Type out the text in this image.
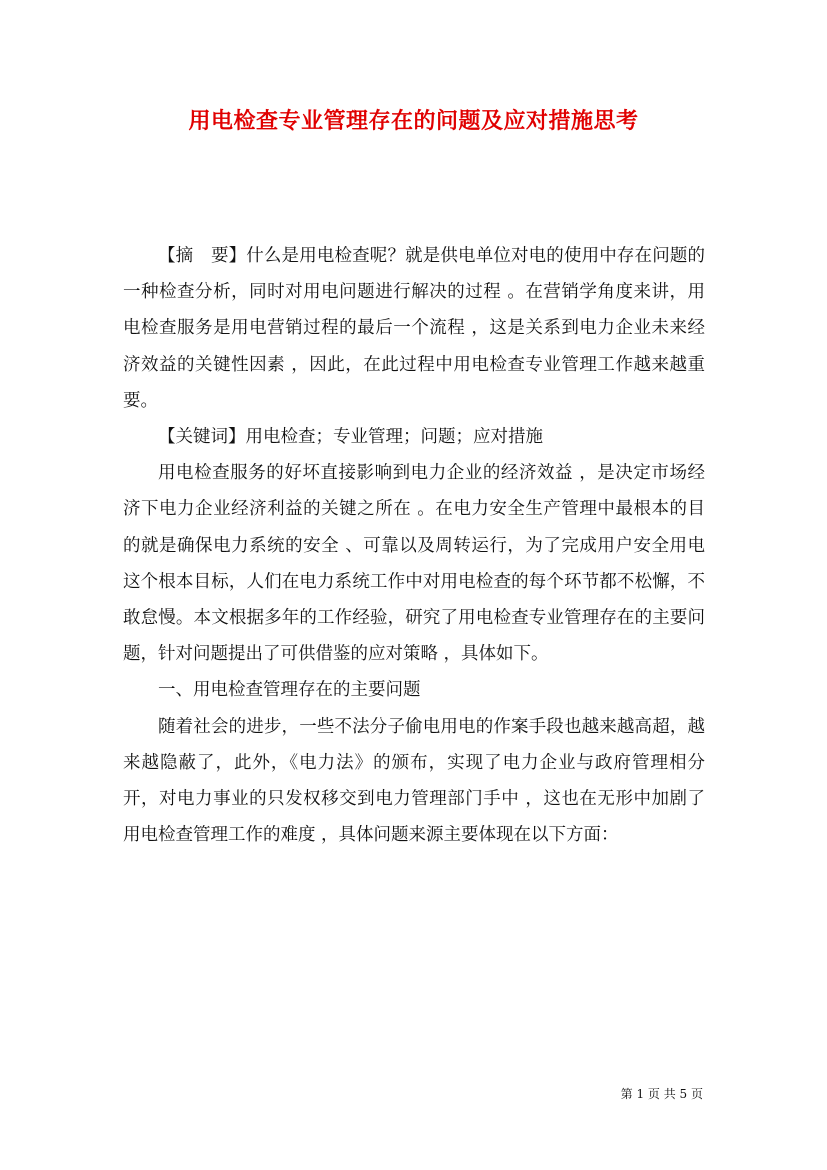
用电检查专业管理存在的问题及应对措施思考

【摘　要】什么是用电检查呢？就是供电单位对电的使用中存在问题的一种检查分析，同时对用电问题进行解决的过程 。在营销学角度来讲，用电检查服务是用电营销过程的最后一个流程 ，这是关系到电力企业未来经济效益的关键性因素 ，因此，在此过程中用电检查专业管理工作越来越重要。

【关键词】用电检查；专业管理；问题；应对措施

用电检查服务的好坏直接影响到电力企业的经济效益 ，是决定市场经济下电力企业经济利益的关键之所在 。在电力安全生产管理中最根本的目的就是确保电力系统的安全 、可靠以及周转运行，为了完成用户安全用电这个根本目标，人们在电力系统工作中对用电检查的每个环节都不松懈，不敢怠慢。本文根据多年的工作经验，研究了用电检查专业管理存在的主要问题，针对问题提出了可供借鉴的应对策略 ，具体如下。

一、用电检查管理存在的主要问题

随着社会的进步，一些不法分子偷电用电的作案手段也越来越高超，越来越隐蔽了，此外，《电力法》的颁布，实现了电力企业与政府管理相分开，对电力事业的只发权移交到电力管理部门手中 ，这也在无形中加剧了用电检查管理工作的难度 ，具体问题来源主要体现在以下方面：

第 1 页 共 5 页
